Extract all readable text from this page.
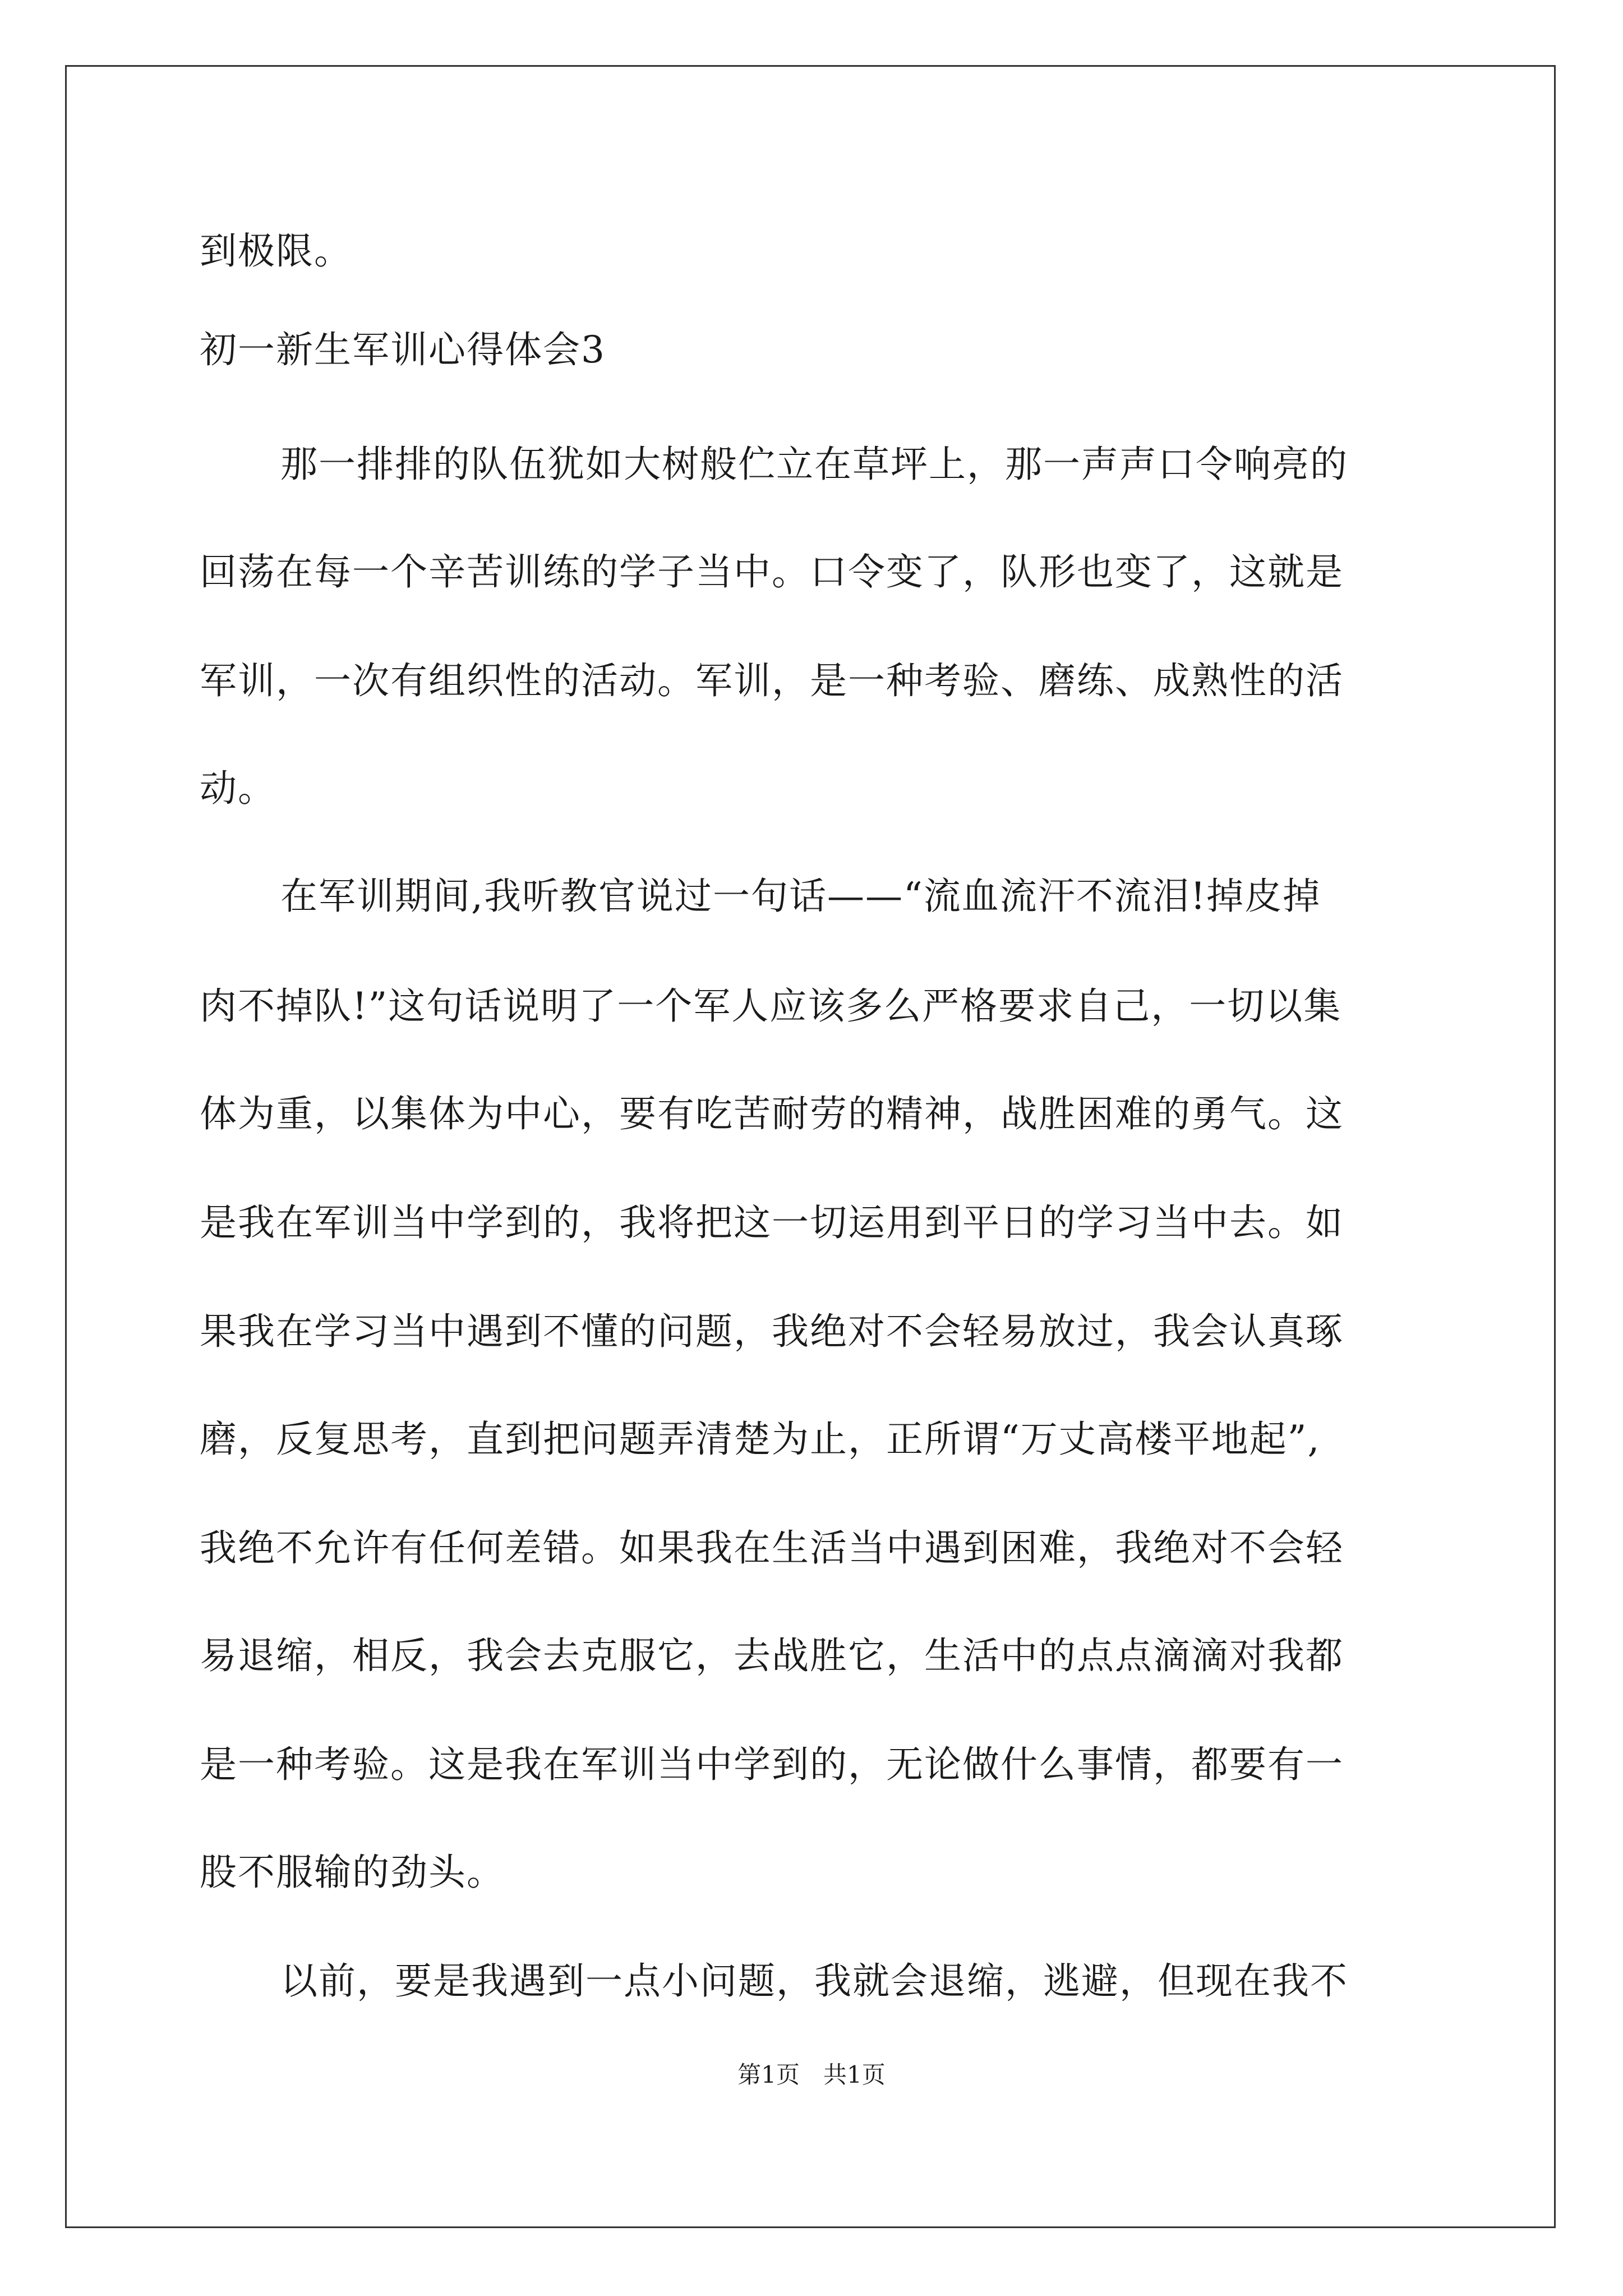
到极限。
初一新生军训心得体会3
那一排排的队伍犹如大树般伫立在草坪上，那一声声口令响亮的
回荡在每一个辛苦训练的学子当中。口令变了，队形也变了，这就是
军训，一次有组织性的活动。军训，是一种考验、磨练、成熟性的活
动。
在军训期间,我听教官说过一句话——“流血流汗不流泪!掉皮掉
肉不掉队!”这句话说明了一个军人应该多么严格要求自己，一切以集
体为重，以集体为中心，要有吃苦耐劳的精神，战胜困难的勇气。这
是我在军训当中学到的，我将把这一切运用到平日的学习当中去。如
果我在学习当中遇到不懂的问题，我绝对不会轻易放过，我会认真琢
磨，反复思考，直到把问题弄清楚为止，正所谓“万丈高楼平地起”,
我绝不允许有任何差错。如果我在生活当中遇到困难，我绝对不会轻
易退缩，相反，我会去克服它，去战胜它，生活中的点点滴滴对我都
是一种考验。这是我在军训当中学到的，无论做什么事情，都要有一
股不服输的劲头。
以前，要是我遇到一点小问题，我就会退缩，逃避，但现在我不
第1页　共1页
